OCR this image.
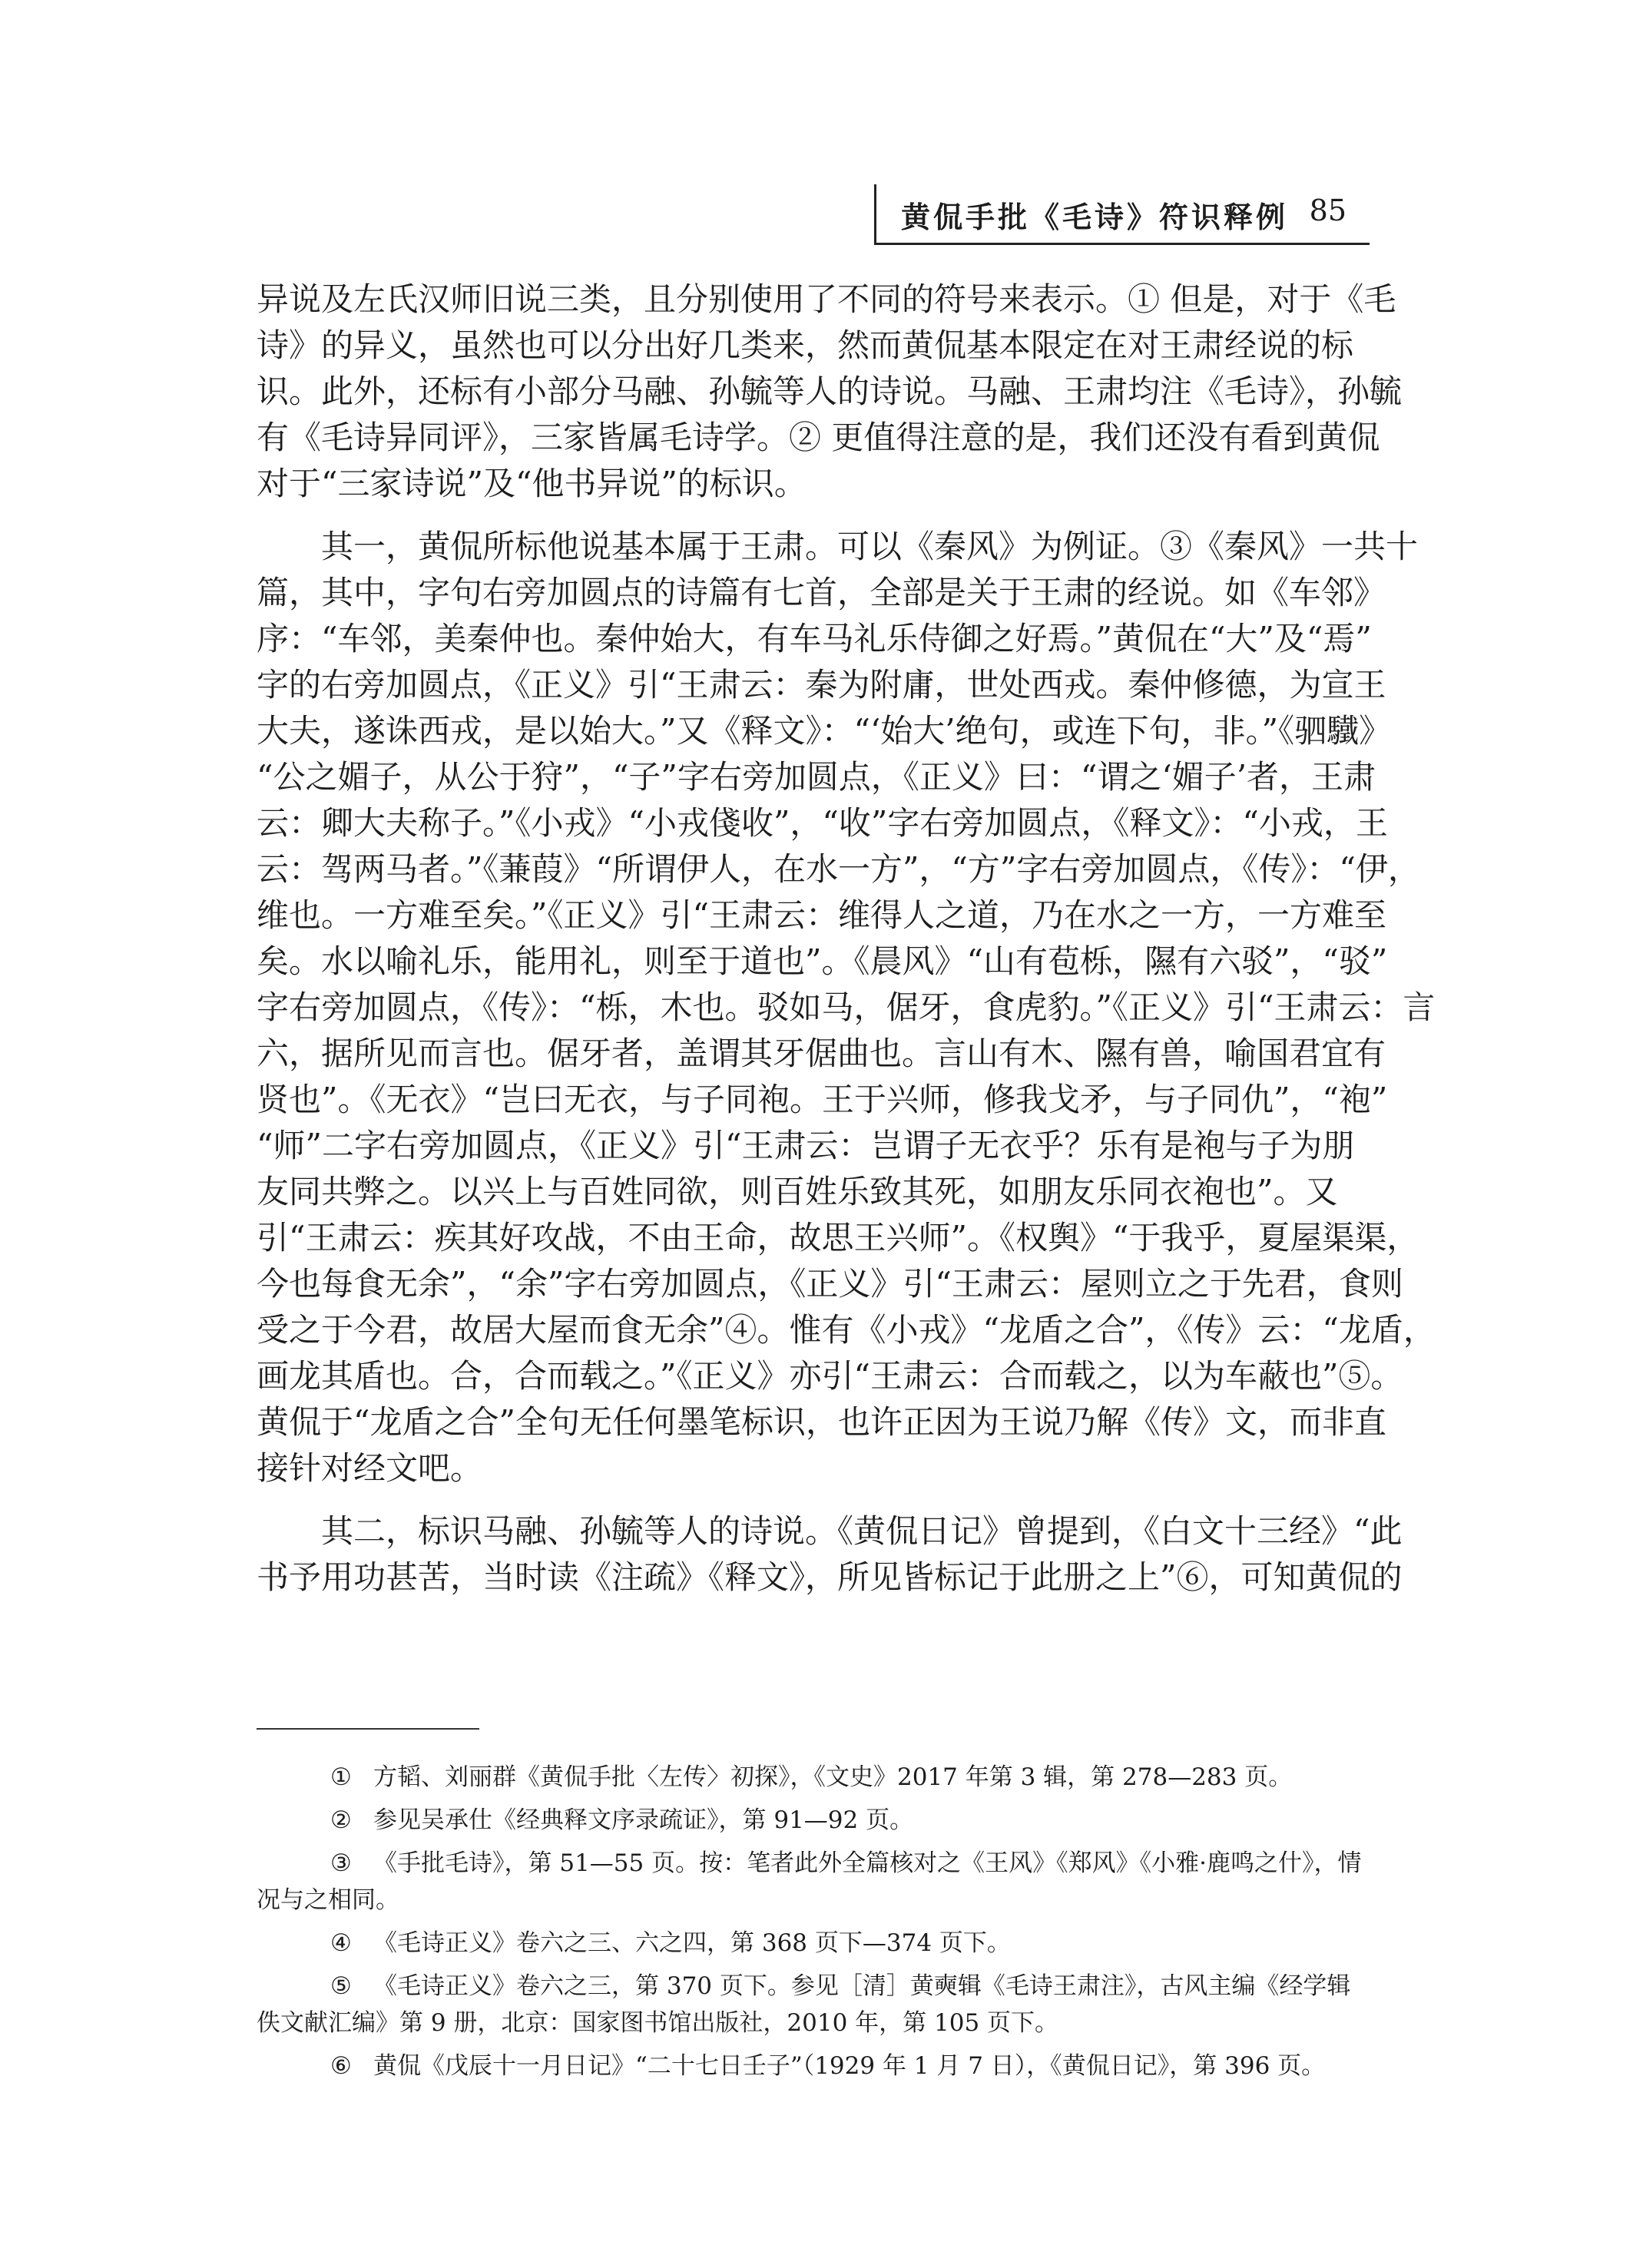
黄侃手批《毛诗》符识释例 85
异说及左氏汉师旧说三类，且分别使用了不同的符号来表示。① 但是，对于《毛
诗》的异义，虽然也可以分出好几类来，然而黄侃基本限定在对王肃经说的标
识。此外，还标有小部分马融、孙毓等人的诗说。马融、王肃均注《毛诗》，孙毓
有《毛诗异同评》，三家皆属毛诗学。② 更值得注意的是，我们还没有看到黄侃
对于“三家诗说”及“他书异说”的标识。
　　其一，黄侃所标他说基本属于王肃。可以《秦风》为例证。③《秦风》一共十
篇，其中，字句右旁加圆点的诗篇有七首，全部是关于王肃的经说。如《车邻》
序：“车邻，美秦仲也。秦仲始大，有车马礼乐侍御之好焉。”黄侃在“大”及“焉”
字的右旁加圆点，《正义》引“王肃云：秦为附庸，世处西戎。秦仲修德，为宣王
大夫，遂诛西戎，是以始大。”又《释文》：“‘始大’绝句，或连下句，非。”《驷驖》
“公之媚子，从公于狩”，“子”字右旁加圆点，《正义》曰：“谓之‘媚子’者，王肃
云：卿大夫称子。”《小戎》“小戎俴收”，“收”字右旁加圆点，《释文》：“小戎，王
云：驾两马者。”《蒹葭》“所谓伊人，在水一方”，“方”字右旁加圆点，《传》：“伊，
维也。一方难至矣。”《正义》引“王肃云：维得人之道，乃在水之一方，一方难至
矣。水以喻礼乐，能用礼，则至于道也”。《晨风》“山有苞栎，隰有六驳”，“驳”
字右旁加圆点，《传》：“栎，木也。驳如马，倨牙，食虎豹。”《正义》引“王肃云：言
六，据所见而言也。倨牙者，盖谓其牙倨曲也。言山有木、隰有兽，喻国君宜有
贤也”。《无衣》“岂曰无衣，与子同袍。王于兴师，修我戈矛，与子同仇”，“袍”
“师”二字右旁加圆点，《正义》引“王肃云：岂谓子无衣乎？乐有是袍与子为朋
友同共弊之。以兴上与百姓同欲，则百姓乐致其死，如朋友乐同衣袍也”。又
引“王肃云：疾其好攻战，不由王命，故思王兴师”。《权舆》“于我乎，夏屋渠渠，
今也每食无余”，“余”字右旁加圆点，《正义》引“王肃云：屋则立之于先君，食则
受之于今君，故居大屋而食无余”④。惟有《小戎》“龙盾之合”，《传》云：“龙盾，
画龙其盾也。合，合而载之。”《正义》亦引“王肃云：合而载之，以为车蔽也”⑤。
黄侃于“龙盾之合”全句无任何墨笔标识，也许正因为王说乃解《传》文，而非直
接针对经文吧。
　　其二，标识马融、孙毓等人的诗说。《黄侃日记》曾提到，《白文十三经》“此
书予用功甚苦，当时读《注疏》《释文》，所见皆标记于此册之上”⑥，可知黄侃的
① 方韬、刘丽群《黄侃手批〈左传〉初探》，《文史》2017 年第 3 辑，第 278—283 页。
② 参见吴承仕《经典释文序录疏证》，第 91—92 页。
③ 《手批毛诗》，第 51—55 页。按：笔者此外全篇核对之《王风》《郑风》《小雅·鹿鸣之什》，情况与之相同。
④ 《毛诗正义》卷六之三、六之四，第 368 页下—374 页下。
⑤ 《毛诗正义》卷六之三，第 370 页下。参见［清］黄奭辑《毛诗王肃注》，古风主编《经学辑佚文献汇编》第 9 册，北京：国家图书馆出版社，2010 年，第 105 页下。
⑥ 黄侃《戊辰十一月日记》“二十七日壬子”（1929 年 1 月 7 日），《黄侃日记》，第 396 页。
